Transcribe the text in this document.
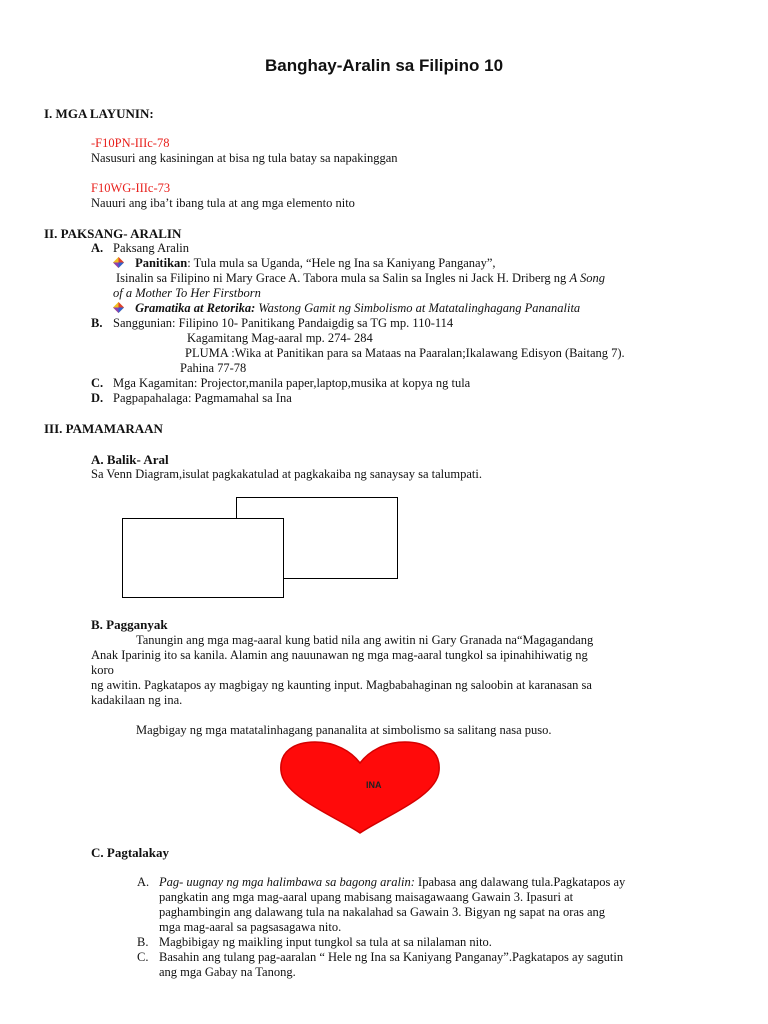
Banghay-Aralin sa Filipino 10
I. MGA LAYUNIN:
-F10PN-IIIc-78
Nasusuri ang kasiningan at bisa ng tula batay sa napakinggan
F10WG-IIIc-73
Nauuri ang iba’t ibang tula at ang mga elemento nito
II. PAKSANG- ARALIN
A. Paksang Aralin
Panitikan: Tula mula sa Uganda, “Hele ng Ina sa Kaniyang Panganay”,
Isinalin sa Filipino ni Mary Grace A. Tabora mula sa Salin sa Ingles ni Jack H. Driberg ng A Song
of a Mother To Her Firstborn
Gramatika at Retorika: Wastong Gamit ng Simbolismo at Matatalinghagang Pananalita
B. Sanggunian: Filipino 10- Panitikang Pandaigdig sa TG mp. 110-114
Kagamitang Mag-aaral mp. 274- 284
PLUMA :Wika at Panitikan para sa Mataas na Paaralan;Ikalawang Edisyon (Baitang 7).
Pahina 77-78
C. Mga Kagamitan: Projector,manila paper,laptop,musika at kopya ng tula
D. Pagpapahalaga: Pagmamahal sa Ina
III. PAMAMARAAN
A. Balik- Aral
Sa Venn Diagram,isulat pagkakatulad at pagkakaiba ng sanaysay sa talumpati.
B. Pagganyak
Tanungin ang mga mag-aaral kung batid nila ang awitin ni Gary Granada na“Magagandang
Anak Iparinig ito sa kanila. Alamin ang nauunawan ng mga mag-aaral tungkol sa ipinahihiwatig ng
koro
ng awitin. Pagkatapos ay magbigay ng kaunting input. Magbabahaginan ng saloobin at karanasan sa
kadakilaan ng ina.
Magbigay ng mga matatalinhagang pananalita at simbolismo sa salitang nasa puso.
INA
C. Pagtalakay
A. Pag- uugnay ng mga halimbawa sa bagong aralin: Ipabasa ang dalawang tula.Pagkatapos ay
pangkatin ang mga mag-aaral upang mabisang maisagawaang Gawain 3. Ipasuri at
paghambingin ang dalawang tula na nakalahad sa Gawain 3. Bigyan ng sapat na oras ang
mga mag-aaral sa pagsasagawa nito.
B. Magbibigay ng maikling input tungkol sa tula at sa nilalaman nito.
C. Basahin ang tulang pag-aaralan “ Hele ng Ina sa Kaniyang Panganay”.Pagkatapos ay sagutin
ang mga Gabay na Tanong.
